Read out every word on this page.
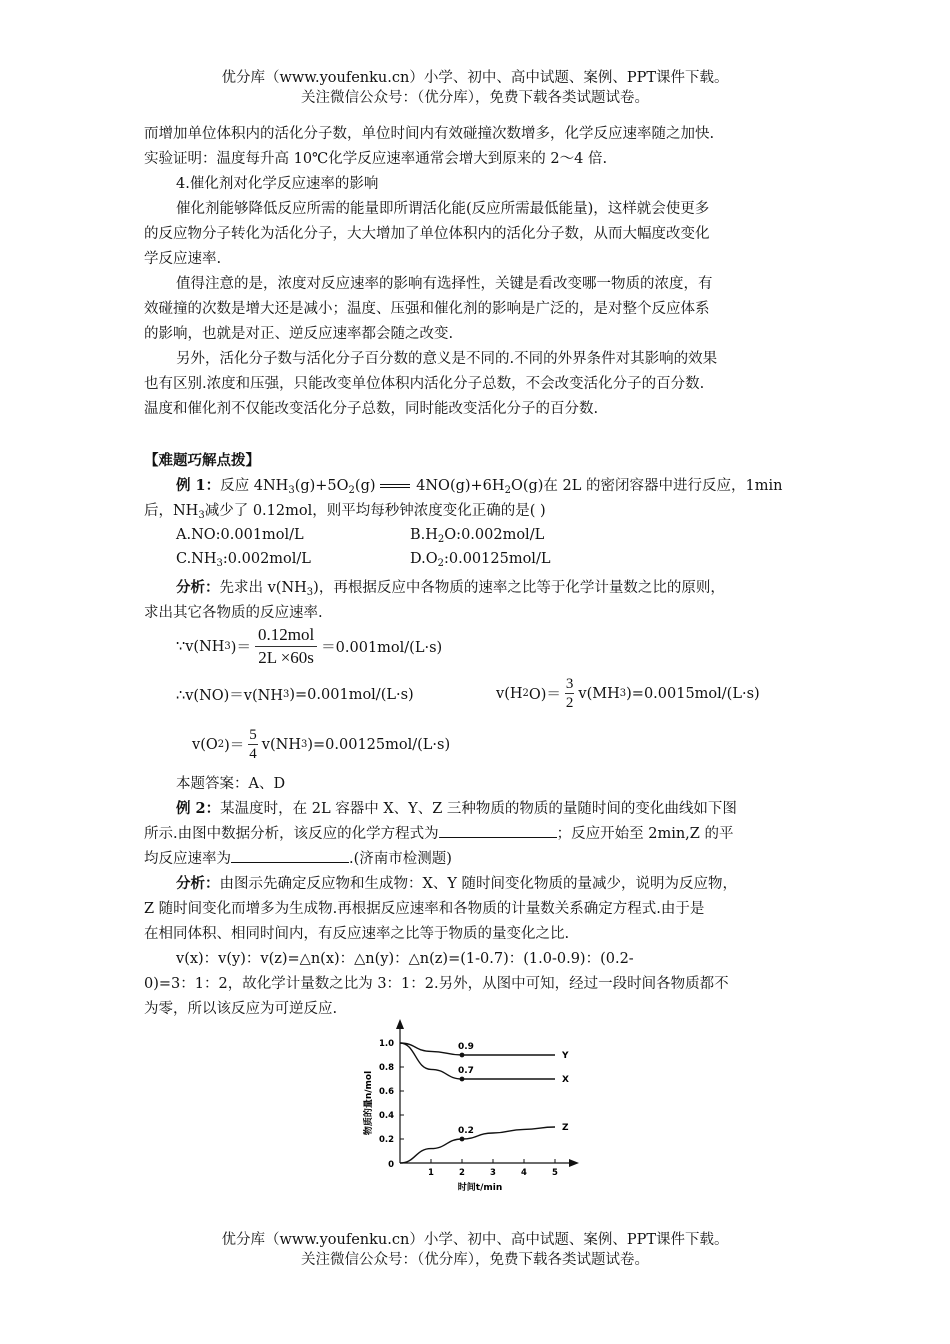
优分库（www.youfenku.cn）小学、初中、高中试题、案例、PPT课件下载。
关注微信公众号：（优分库），免费下载各类试题试卷。
而增加单位体积内的活化分子数，单位时间内有效碰撞次数增多，化学反应速率随之加快.
实验证明：温度每升高 10℃化学反应速率通常会增大到原来的 2～4 倍.
4.催化剂对化学反应速率的影响
催化剂能够降低反应所需的能量即所谓活化能(反应所需最低能量)，这样就会使更多
的反应物分子转化为活化分子，大大增加了单位体积内的活化分子数，从而大幅度改变化
学反应速率.
值得注意的是，浓度对反应速率的影响有选择性，关键是看改变哪一物质的浓度，有
效碰撞的次数是增大还是减小；温度、压强和催化剂的影响是广泛的，是对整个反应体系
的影响，也就是对正、逆反应速率都会随之改变.
另外，活化分子数与活化分子百分数的意义是不同的.不同的外界条件对其影响的效果
也有区别.浓度和压强，只能改变单位体积内活化分子总数，不会改变活化分子的百分数.
温度和催化剂不仅能改变活化分子总数，同时能改变活化分子的百分数.
【难题巧解点拨】
例 1：反应 $4NH_3(g)+5O_2(g)$ $4NO(g)+6H_2O(g)$在 2L 的密闭容器中进行反应，1min
后，$NH_3$减少了 0.12mol，则平均每秒钟浓度变化正确的是( )
A.NO:0.001mol/L	$B.H_2O:0.002mol/L$
$C.NH_3:0.002mol/L$	$D.O_2:0.00125mol/L$
分析：先求出 $v(NH_3)$，再根据反应中各物质的速率之比等于化学计量数之比的原则，
求出其它各物质的反应速率.
∵v(NH 3 )＝ $\frac{\text{0.12mol}}{2L \times 60s} =0.001mol/(L\cdot s)$
∴v(NO)＝v(NH 3 )=0.001mol/(L·s)	v(H 2 $O)= \frac{3}{2} v(MH$ 3 )=0.0015mol/(L·s)
v(O 2 )＝ $\frac{5}{4} v(NH$ 3 )=0.00125mol/(L·s)
本题答案：A、D
例 2：某温度时，在 2L 容器中 X、Y、Z 三种物质的物质的量随时间的变化曲线如下图
所示.由图中数据分析，该反应的化学方程式为	；反应开始至 2min,Z 的平
均反应速率为	.(济南市检测题)
分析：由图示先确定反应物和生成物：X、Y 随时间变化物质的量减少，说明为反应物，
Z 随时间变化而增多为生成物.再根据反应速率和各物质的计量数关系确定方程式.由于是
在相同体积、相同时间内，有反应速率之比等于物质的量变化之比.
v(x)：v(y)：v(z)=△n(x)：△n(y)：△n(z)=(1-0.7)：(1.0-0.9)：(0.2-
0)=3：1：2，故化学计量数之比为 3：1：2.另外，从图中可知，经过一段时间各物质都不
为零，所以该反应为可逆反应.
0.2
0.4
0.6
0.8
1.0
1	2	3	4	5
0
时间t/min
物质的量n/mol
Y
X
Z
0.9
0.7
0.2
优分库（www.youfenku.cn）小学、初中、高中试题、案例、PPT课件下载。
关注微信公众号：（优分库），免费下载各类试题试卷。
